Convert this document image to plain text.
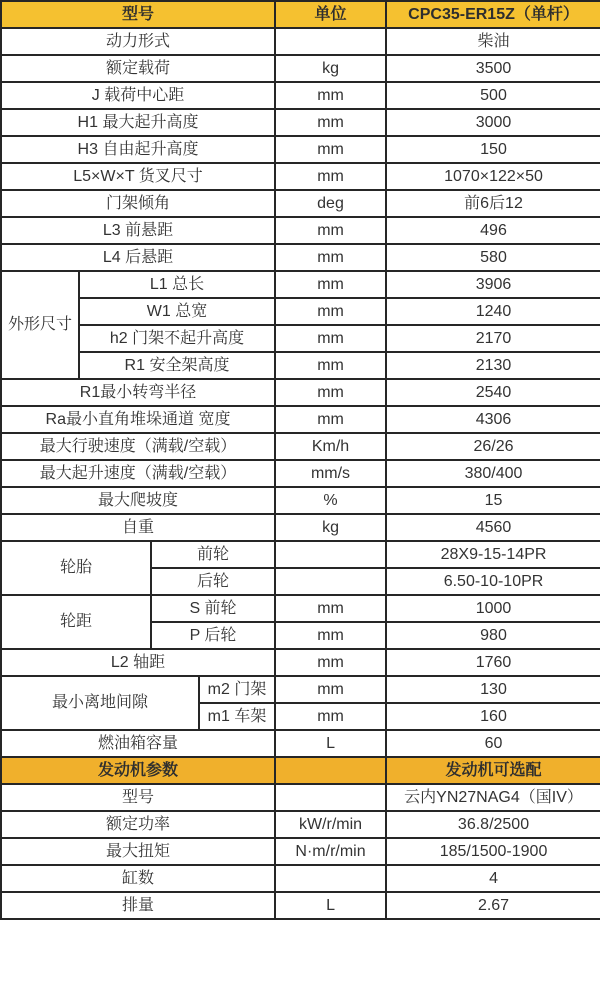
型号				单位	CPC35-ER15Z（单杆）
动力形式					柴油
额定载荷				kg	3500
J 载荷中心距				mm	500
H1 最大起升高度				mm	3000
H3 自由起升高度				mm	150
L5×W×T 货叉尺寸				mm	1070×122×50
门架倾角				deg	前6后12
L3 前悬距				mm	496
L4 后悬距				mm	580
外形尺寸	L1 总长			mm	3906
	W1 总宽			mm	1240
	h2 门架不起升高度			mm	2170
	R1 安全架高度			mm	2130
R1最小转弯半径				mm	2540
Ra最小直角堆垛通道 宽度				mm	4306
最大行驶速度（满载/空载）				Km/h	26/26
最大起升速度（满载/空载）				mm/s	380/400
最大爬坡度				%	15
自重				kg	4560
轮胎		前轮			28X9-15-14PR
		后轮			6.50-10-10PR
轮距		S 前轮		mm	1000
		P 后轮		mm	980
L2 轴距				mm	1760
最小离地间隙			m2 门架	mm	130
			m1 车架	mm	160
燃油箱容量				L	60
发动机参数					发动机可选配
型号					云内YN27NAG4（国IV）
额定功率				kW/r/min	36.8/2500
最大扭矩				N·m/r/min	185/1500-1900
缸数					4
排量				L	2.67
